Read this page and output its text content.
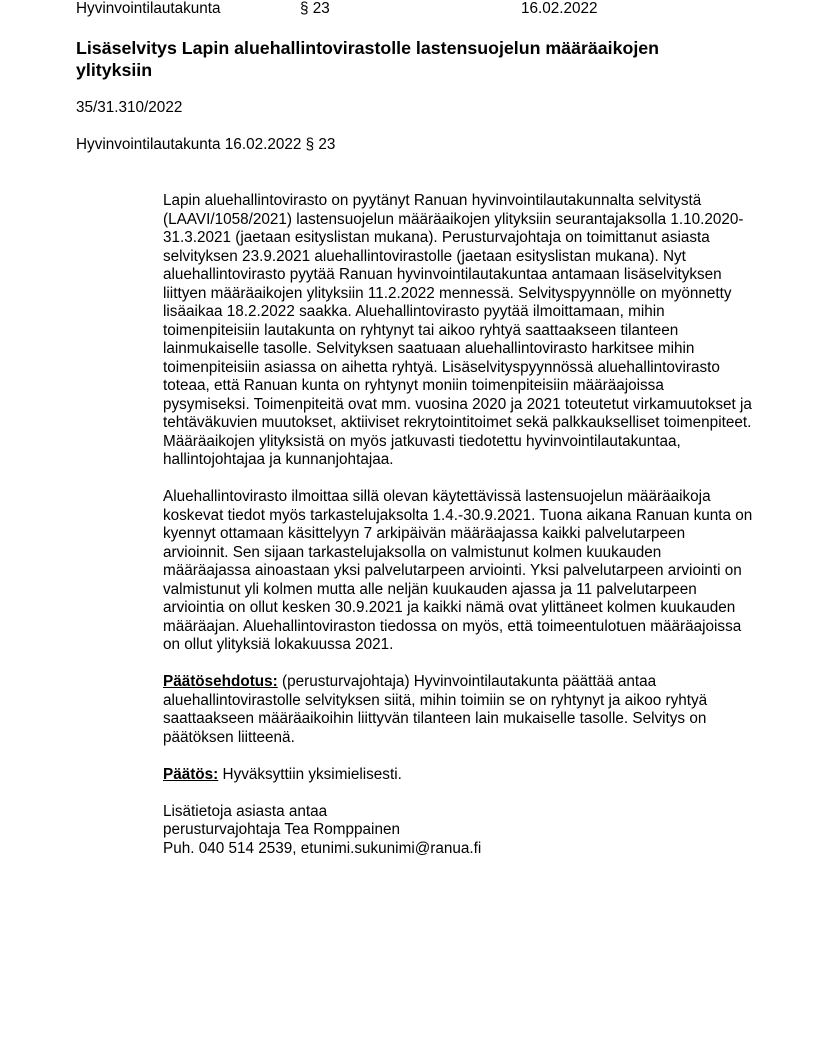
Hyvinvointilautakunta	§ 23	16.02.2022
Lisäselvitys Lapin aluehallintovirastolle lastensuojelun määräaikojen ylityksiin
35/31.310/2022
Hyvinvointilautakunta 16.02.2022 § 23

Lapin aluehallintovirasto on pyytänyt Ranuan hyvinvointilautakunnalta selvitystä (LAAVI/1058/2021) lastensuojelun määräaikojen ylityksiin seurantajaksolla 1.10.2020-31.3.2021 (jaetaan esityslistan mukana). Perusturvajohtaja on toimittanut asiasta selvityksen 23.9.2021 aluehallintovirastolle (jaetaan esityslistan mukana). Nyt aluehallintovirasto pyytää Ranuan hyvinvointilautakuntaa antamaan lisäselvityksen liittyen määräaikojen ylityksiin 11.2.2022 mennessä. Selvityspyynnölle on myönnetty lisäaikaa 18.2.2022 saakka. Aluehallintovirasto pyytää ilmoittamaan, mihin toimenpiteisiin lautakunta on ryhtynyt tai aikoo ryhtyä saattaakseen tilanteen lainmukaiselle tasolle. Selvityksen saatuaan aluehallintovirasto harkitsee mihin toimenpiteisiin asiassa on aihetta ryhtyä. Lisäselvityspyynnössä aluehallintovirasto toteaa, että Ranuan kunta on ryhtynyt moniin toimenpiteisiin määräajoissa pysymiseksi. Toimenpiteitä ovat mm. vuosina 2020 ja 2021 toteutetut virkamuutokset ja tehtäväkuvien muutokset, aktiiviset rekrytointitoimet sekä palkkaukselliset toimenpiteet. Määräaikojen ylityksistä on myös jatkuvasti tiedotettu hyvinvointilautakuntaa, hallintojohtajaa ja kunnanjohtajaa.

Aluehallintovirasto ilmoittaa sillä olevan käytettävissä lastensuojelun määräaikoja koskevat tiedot myös tarkastelujaksolta 1.4.-30.9.2021. Tuona aikana Ranuan kunta on kyennyt ottamaan käsittelyyn 7 arkipäivän määräajassa kaikki palvelutarpeen arvioinnit. Sen sijaan tarkastelujaksolla on valmistunut kolmen kuukauden määräajassa ainoastaan yksi palvelutarpeen arviointi. Yksi palvelutarpeen arviointi on valmistunut yli kolmen mutta alle neljän kuukauden ajassa ja 11 palvelutarpeen arviointia on ollut kesken 30.9.2021 ja kaikki nämä ovat ylittäneet kolmen kuukauden määräajan. Aluehallintoviraston tiedossa on myös, että toimeentulotuen määräajoissa on ollut ylityksiä lokakuussa 2021.

Päätösehdotus: (perusturvajohtaja) Hyvinvointilautakunta päättää antaa aluehallintovirastolle selvityksen siitä, mihin toimiin se on ryhtynyt ja aikoo ryhtyä saattaakseen määräaikoihin liittyvän tilanteen lain mukaiselle tasolle. Selvitys on päätöksen liitteenä.

Päätös: Hyväksyttiin yksimielisesti.

Lisätietoja asiasta antaa

perusturvajohtaja Tea Romppainen

Puh. 040 514 2539, etunimi.sukunimi@ranua.fi
